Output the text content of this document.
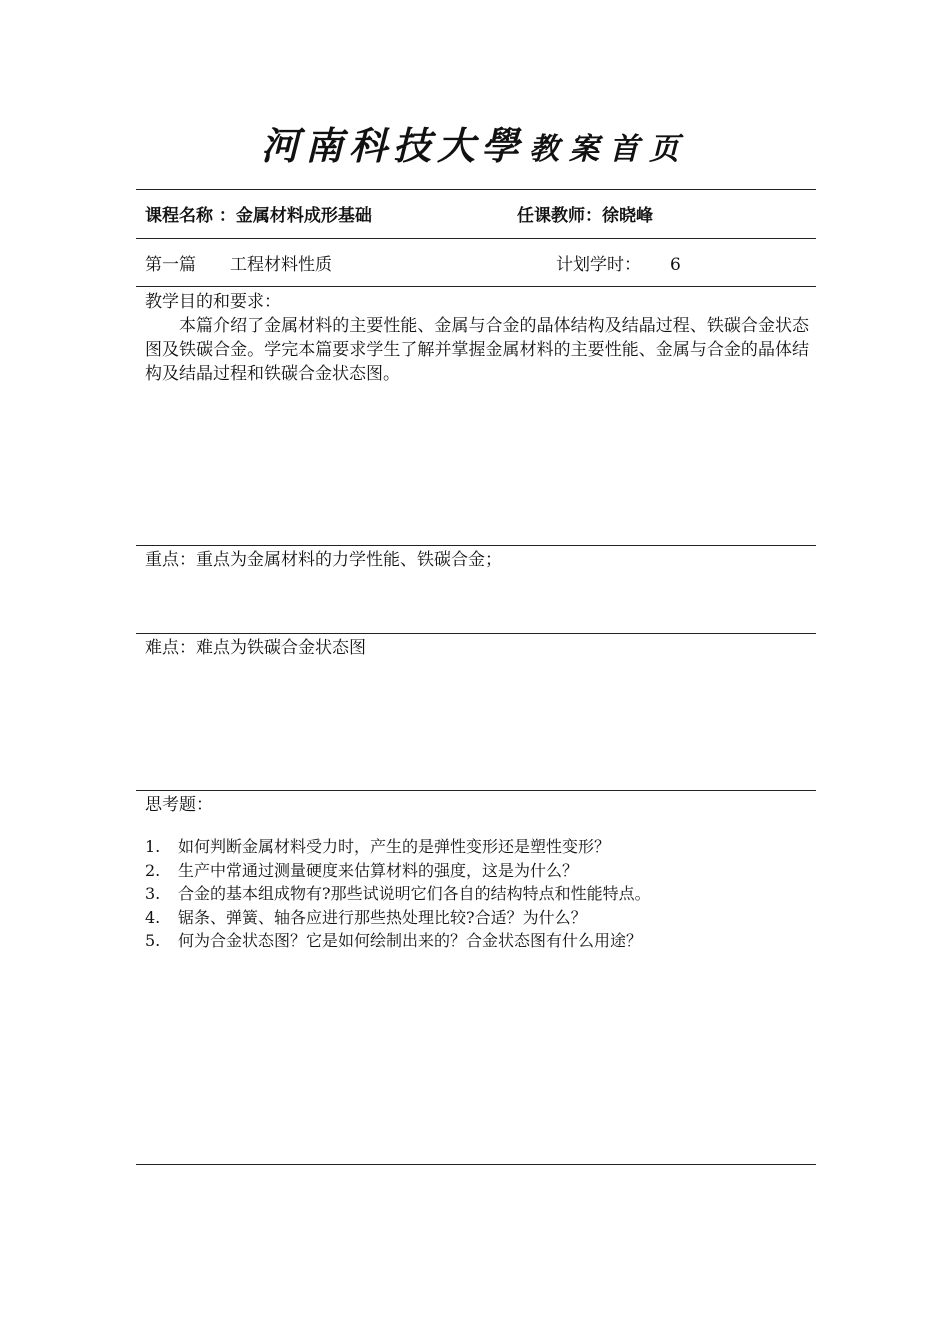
河南科技大學 教案首页
课程名称 ：金属材料成形基础	任课教师：徐晓峰
第一篇 工程材料性质	计划学时： 6
教学目的和要求：
本篇介绍了金属材料的主要性能、金属与合金的晶体结构及结晶过程、铁碳合金状态图及铁碳合金。学完本篇要求学生了解并掌握金属材料的主要性能、金属与合金的晶体结构及结晶过程和铁碳合金状态图。
重点：重点为金属材料的力学性能、铁碳合金；
难点：难点为铁碳合金状态图
思考题：
1. 如何判断金属材料受力时，产生的是弹性变形还是塑性变形？
2. 生产中常通过测量硬度来估算材料的强度，这是为什么？
3. 合金的基本组成物有?那些试说明它们各自的结构特点和性能特点。
4. 锯条、弹簧、轴各应进行那些热处理比较?合适？为什么？
5. 何为合金状态图？它是如何绘制出来的？合金状态图有什么用途？
